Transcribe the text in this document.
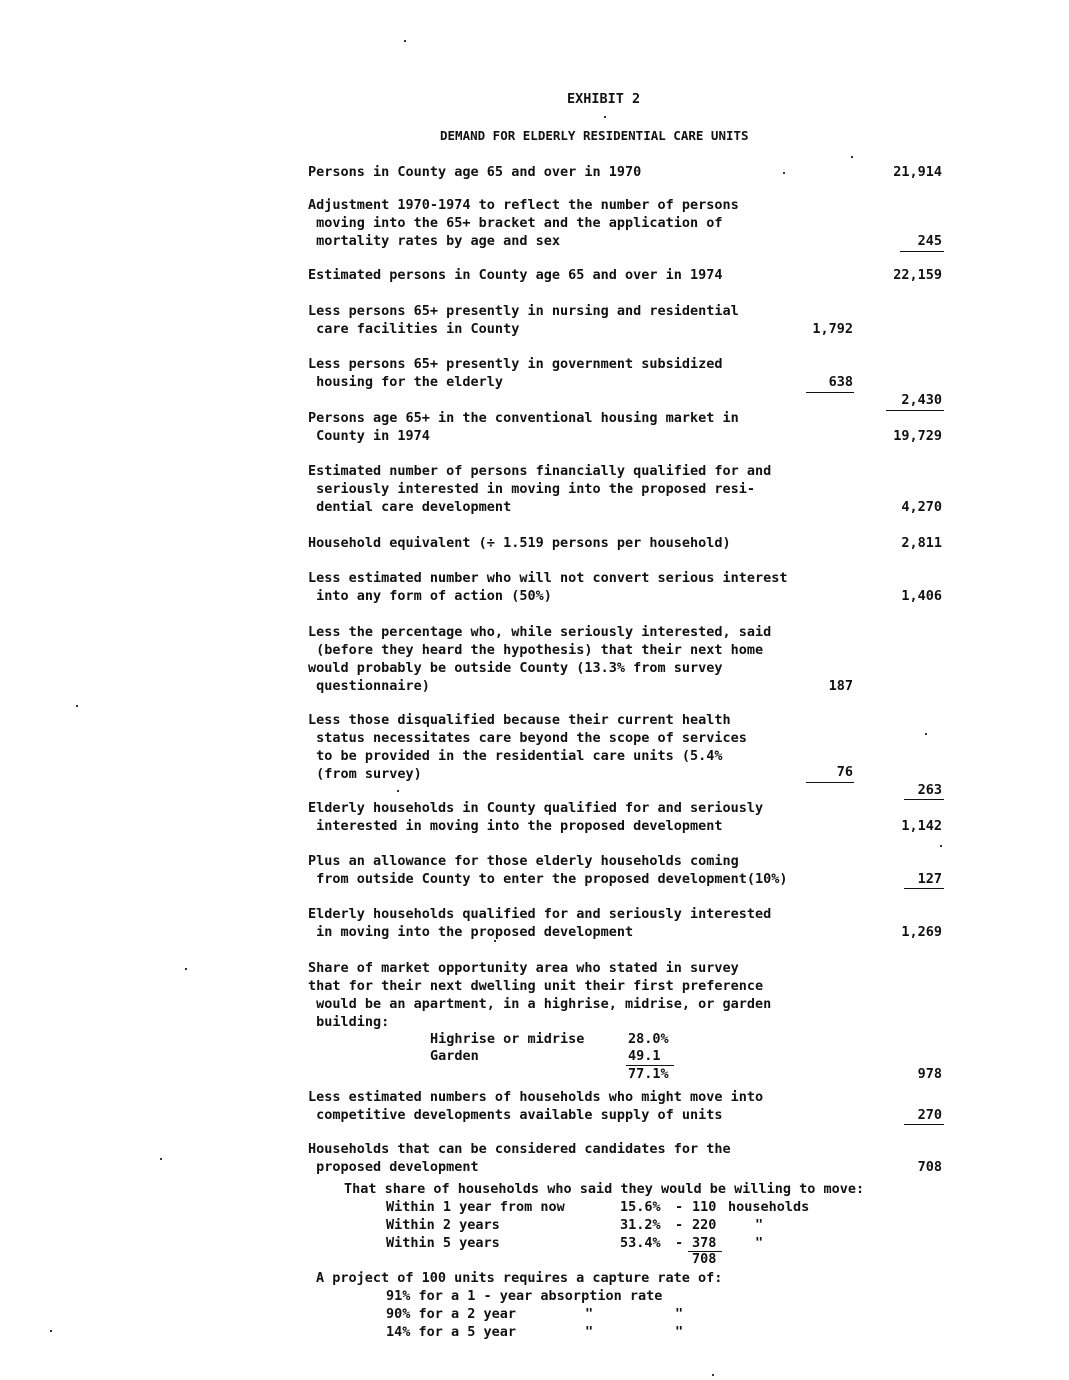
EXHIBIT 2
DEMAND FOR ELDERLY RESIDENTIAL CARE UNITS
Persons in County age 65 and over in 1970	21,914
Adjustment 1970-1974 to reflect the number of persons
moving into the 65+ bracket and the application of
mortality rates by age and sex	245
Estimated persons in County age 65 and over in 1974	22,159
Less persons 65+ presently in nursing and residential
care facilities in County	1,792
Less persons 65+ presently in government subsidized
housing for the elderly	638
2,430
Persons age 65+ in the conventional housing market in
County in 1974	19,729
Estimated number of persons financially qualified for and
seriously interested in moving into the proposed resi-
dential care development	4,270
Household equivalent (÷ 1.519 persons per household)	2,811
Less estimated number who will not convert serious interest
into any form of action (50%)	1,406
Less the percentage who, while seriously interested, said
(before they heard the hypothesis) that their next home
would probably be outside County (13.3% from survey
questionnaire)	187
Less those disqualified because their current health
status necessitates care beyond the scope of services
to be provided in the residential care units (5.4%
(from survey)	76
263
Elderly households in County qualified for and seriously
interested in moving into the proposed development	1,142
Plus an allowance for those elderly households coming
from outside County to enter the proposed development(10%)	127
Elderly households qualified for and seriously interested
in moving into the proposed development	1,269
Share of market opportunity area who stated in survey
that for their next dwelling unit their first preference
would be an apartment, in a highrise, midrise, or garden
building:
Highrise or midrise	28.0%
Garden	49.1
77.1%	978
Less estimated numbers of households who might move into
competitive developments available supply of units	270
Households that can be considered candidates for the
proposed development	708
That share of households who said they would be willing to move:
Within 1 year from now	15.6% - 110 households
Within 2 years	31.2% - 220	"
Within 5 years	53.4% - 378	"
708
A project of 100 units requires a capture rate of:
91% for a 1 - year absorption rate
90% for a 2 year	"	"
14% for a 5 year	"	"
